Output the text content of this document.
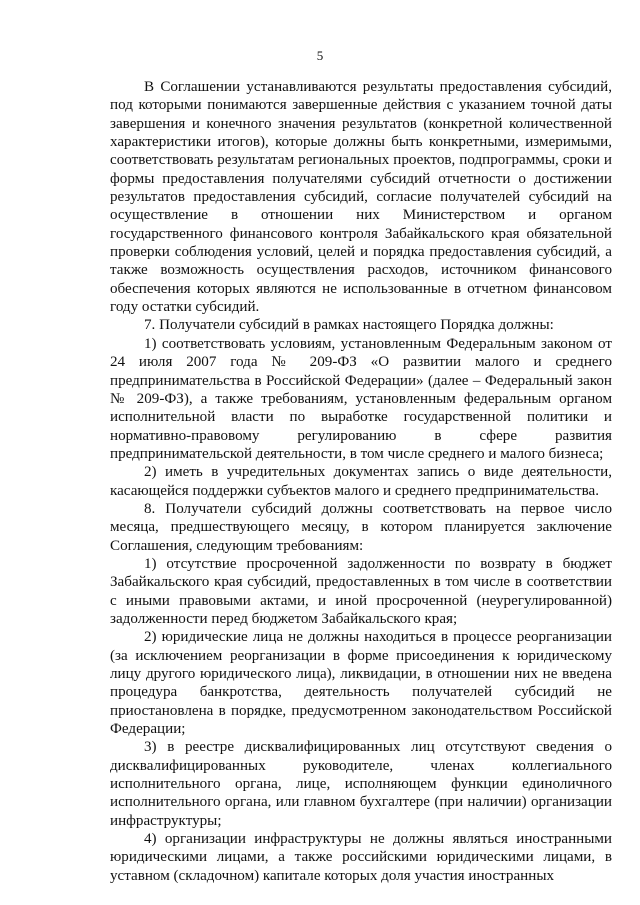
5

В Соглашении устанавливаются результаты предоставления субсидий, под которыми понимаются завершенные действия с указанием точной даты завершения и конечного значения результатов (конкретной количественной характеристики итогов), которые должны быть конкретными, измеримыми, соответствовать результатам региональных проектов, подпрограммы, сроки и формы предоставления получателями субсидий отчетности о достижении результатов предоставления субсидий, согласие получателей субсидий на осуществление в отношении них Министерством и органом государственного финансового контроля Забайкальского края обязательной проверки соблюдения условий, целей и порядка предоставления субсидий, а также возможность осуществления расходов, источником финансового обеспечения которых являются не использованные в отчетном финансовом году остатки субсидий.

7. Получатели субсидий в рамках настоящего Порядка должны:

1) соответствовать условиям, установленным Федеральным законом от 24 июля 2007 года № 209-ФЗ «О развитии малого и среднего предпринимательства в Российской Федерации» (далее – Федеральный закон № 209-ФЗ), а также требованиям, установленным федеральным органом исполнительной власти по выработке государственной политики и нормативно-правовому регулированию в сфере развития предпринимательской деятельности, в том числе среднего и малого бизнеса;

2) иметь в учредительных документах запись о виде деятельности, касающейся поддержки субъектов малого и среднего предпринимательства.

8. Получатели субсидий должны соответствовать на первое число месяца, предшествующего месяцу, в котором планируется заключение Соглашения, следующим требованиям:

1) отсутствие просроченной задолженности по возврату в бюджет Забайкальского края субсидий, предоставленных в том числе в соответствии с иными правовыми актами, и иной просроченной (неурегулированной) задолженности перед бюджетом Забайкальского края;

2) юридические лица не должны находиться в процессе реорганизации (за исключением реорганизации в форме присоединения к юридическому лицу другого юридического лица), ликвидации, в отношении них не введена процедура банкротства, деятельность получателей субсидий не приостановлена в порядке, предусмотренном законодательством Российской Федерации;

3) в реестре дисквалифицированных лиц отсутствуют сведения о дисквалифицированных руководителе, членах коллегиального исполнительного органа, лице, исполняющем функции единоличного исполнительного органа, или главном бухгалтере (при наличии) организации инфраструктуры;

4) организации инфраструктуры не должны являться иностранными юридическими лицами, а также российскими юридическими лицами, в уставном (складочном) капитале которых доля участия иностранных
